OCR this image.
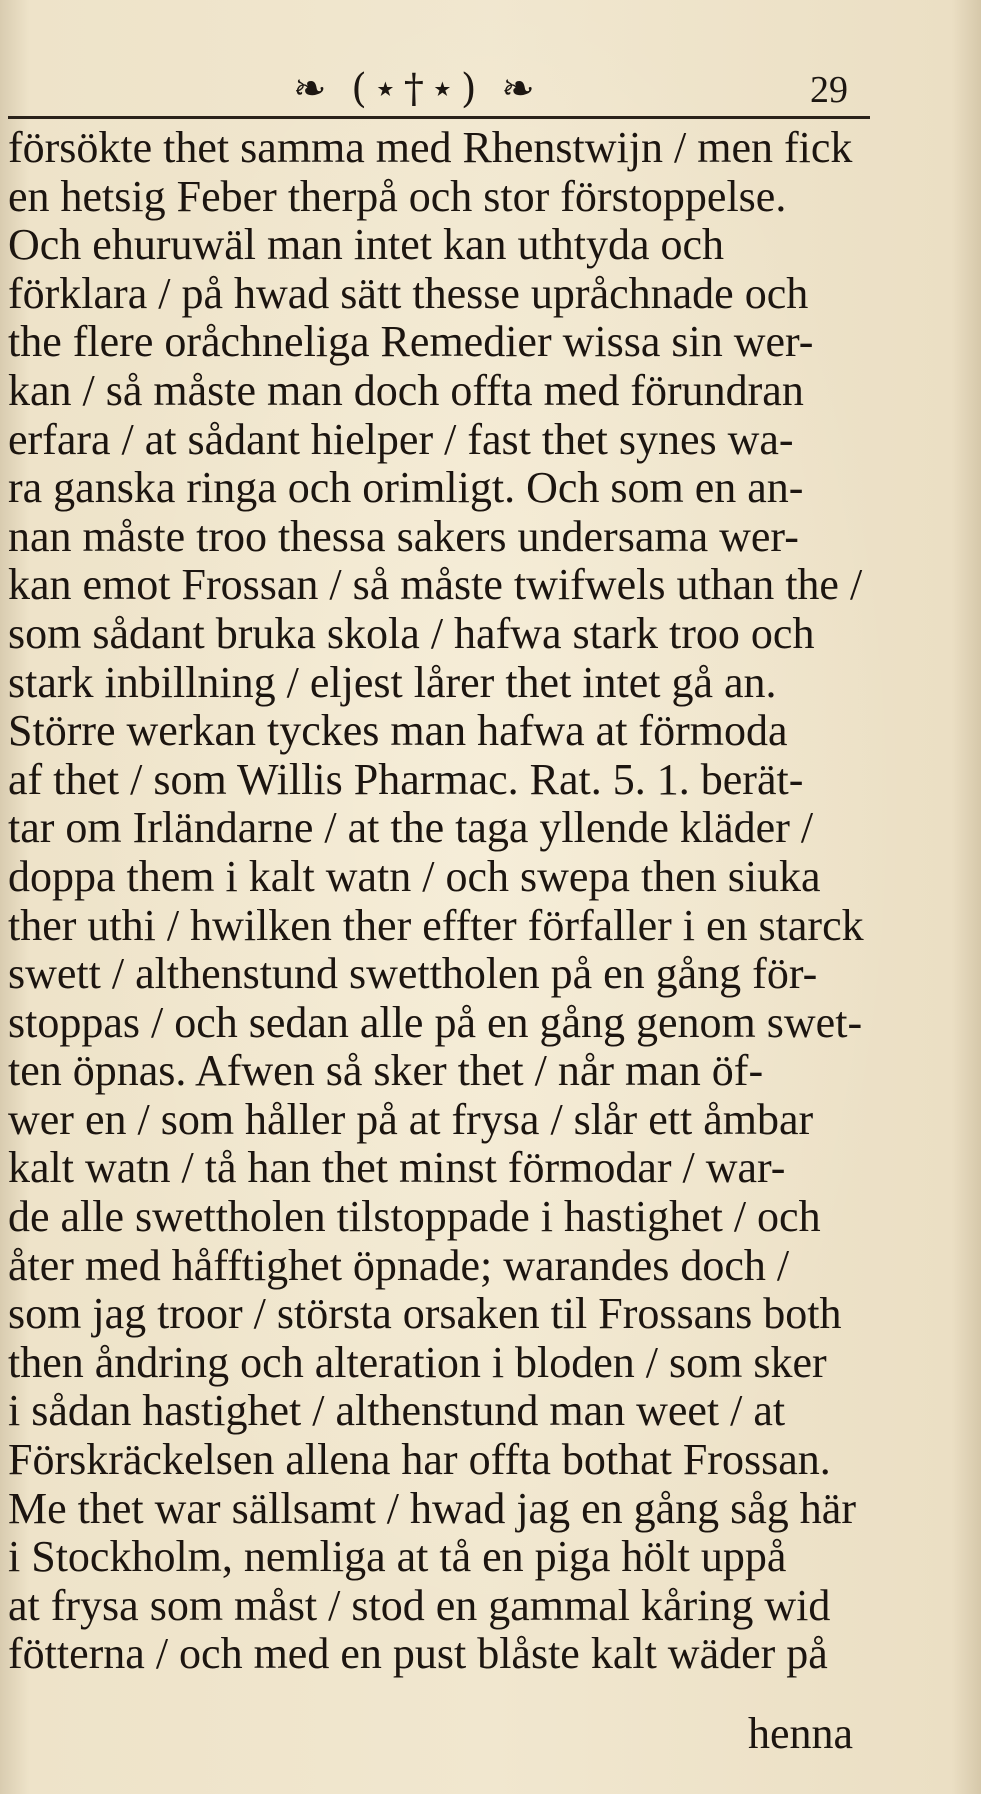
❧ (⋆†⋆) ❧	29
försökte thet samma med Rhenstwijn / men fick
en hetsig Feber therpå och stor förstoppelse.
Och ehuruwäl man intet kan uthtyda och
förklara / på hwad sätt thesse upråchnade och
the flere oråchneliga Remedier wissa sin wer-
kan / så måste man doch offta med förundran
erfara / at sådant hielper / fast thet synes wa-
ra ganska ringa och orimligt. Och som en an-
nan måste troo thessa sakers undersama wer-
kan emot Frossan / så måste twifwels uthan the /
som sådant bruka skola / hafwa stark troo och
stark inbillning / eljest lårer thet intet gå an.
Större werkan tyckes man hafwa at förmoda
af thet / som Willis Pharmac. Rat. 5. 1. berät-
tar om Irländarne / at the taga yllende kläder /
doppa them i kalt watn / och swepa then siuka
ther uthi / hwilken ther effter förfaller i en starck
swett / althenstund swettholen på en gång för-
stoppas / och sedan alle på en gång genom swet-
ten öpnas. Afwen så sker thet / når man öf-
wer en / som håller på at frysa / slår ett åmbar
kalt watn / tå han thet minst förmodar / war-
de alle swettholen tilstoppade i hastighet / och
åter med håfftighet öpnade; warandes doch /
som jag troor / största orsaken til Frossans both
then åndring och alteration i bloden / som sker
i sådan hastighet / althenstund man weet / at
Förskräckelsen allena har offta bothat Frossan.
Me thet war sällsamt / hwad jag en gång såg här
i Stockholm, nemliga at tå en piga hölt uppå
at frysa som måst / stod en gammal kåring wid
fötterna / och med en pust blåste kalt wäder på
henna
